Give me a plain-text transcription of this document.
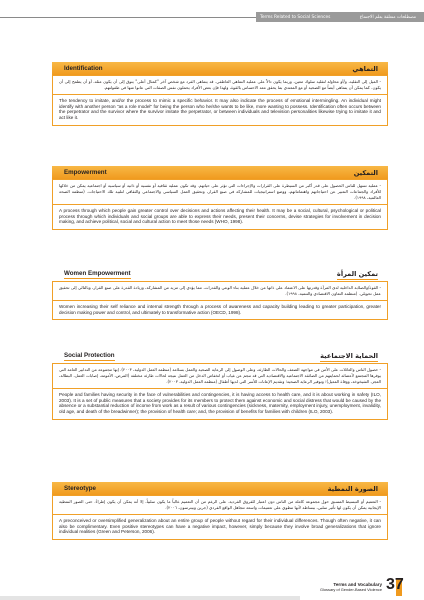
Terms Related to Social Sciences	مصطلحات متعلقة بعلم الاجتماع
Identification	التماهي

- الميل إلى التقليد، و/أو محاولة لتقليد سلوك معين، وربما يكون دالاً على عملية التماهي العاطفي. قد يتماهى الفرد مع شخص آخر "كمثال أعلى" يتوق إلى أن يكون مثله، أو أن يطمح إلى أن يكون. كما يمكن أن يتماهى أيضاً مع الضحية أو مع المعتدي بما يحقق معه الاحساس بالقوة، ولهذا فإن بعض الأفراد يحملون نفس الصفات التي عانوا منها في طفولتهم.

The tendency to imitate, and/or the process to mimic a specific behavior. It may also indicate the process of emotional intermingling. An individual might identify with another person "as a role model" for being the person who he/she wants to be like, more wanting to possess. Identification often occurs between the perpetrator and the survivor where the survivor imitate the perpetrator, or between individuals and television personalities likewise trying to imitate it and act like it.

Empowerment	التمكين

- عملية تسهل للناس الحصول على قدر أكبر من السيطرة على القرارات والإجراءات التي تؤثر على حياتهم. وقد تكون عملية ثقافية أو نفسية أو ذاتية أو سياسية أو اجتماعية يمكن من خلالها للأفراد والجماعات التعبير عن احتياجاتهم واهتماماتهم، ووضع استراتيجيات للمشاركة في صنع القرار، وتحقيق العمل السياسي والاجتماعي والثقافي لتلبية تلك الاحتياجات. (منظمة الصحة العالمية، ١٩٩٨).

A process through which people gain greater control over decisions and actions affecting their health. It may be a social, cultural, psychological or political process through which individuals and social groups are able to express their needs, present their concerns, devise strategies for involvement in decision making, and achieve political, social and cultural action to meet those needs (WHO, 1998).

Women Empowerment	تمكين المرأة

- القوة/والصلابة الداخلية لدى المرأة وقدرتها على الاعتماد على ذاتها من خلال عملية بناء الوعي والقدرات، مما يؤدي إلى مزيد من المشاركة، وزيادة القدرة على صنع القرار، وبالتالي إلى تحقيق عمل تحويلي. (منظمة التعاون الاقتصادي والتنمية، ١٩٩٨).

Women increasing their self reliance and internal strength through a process of awareness and capacity building leading to greater participation, greater decision making power and control, and ultimately to transformative action (OECD, 1998).

Social Protection	الحماية الاجتماعية

- حصول الناس والعائلات على الأمن في مواجهة الضعف والحالات الطارئة، وعلى الوصول إلى الرعاية الصحية والعمل بسلامة (منظمة العمل الدولية، ٢٠٠٣). إنها مجموعة من التدابير العامة التي يوفرها المجتمع لأعضائه لحمايتهم من الضائقة الاجتماعية والاقتصادية التي قد تنجم عن غياب أو انخفاض الدخل من العمل نتيجة لحالات طارئة مختلفة (المرض، الأمومة، إصابات العمل، البطالة، العجز، الشيخوخة، ووفاة المعيل)؛ وتوفير الرعاية الصحية؛ وتقديم الإعانات للأسر التي لديها أطفال (منظمة العمل الدولية، ٢٠٠٣).

People and families having security in the face of vulnerabilities and contingencies, it is having access to health care, and it is about working in safety (ILO, 2003). It is a set of public measures that a society provides for its members to protect them against economic and social distress that would be caused by the absence or a substantial reduction of income from work as a result of various contingencies (sickness, maternity, employment injury, unemployment, invalidity, old age, and death of the breadwinner); the provision of health care; and, the provision of benefits for families with children (ILO, 2003).

Stereotype	الصورة النمطية

- التعميم أو التبسيط المسبق حول مجموعة كاملة من الناس دون اعتبار للفروق الفردية. على الرغم من أن التعميم غالباً ما يكون سلبياً، إلا أنه يمكن أن يكون إطراءً. حتى الصور النمطية الإيجابية يمكن أن يكون لها تأثير سلبي، ببساطة لأنها تنطوي على تعميمات واسعة تتجاهل الواقع الفردي (جرين وبيترسون، ٢٠٠٦).

A preconceived or oversimplified generalization about an entire group of people without regard for their individual differences. Though often negative, it can also be complimentary. Even positive stereotypes can have a negative impact, however, simply because they involve broad generalizations that ignore individual realities (Green and Peterson, 2006).

Terms and Vocabulary
Glossary of Gender-Based Violence 37
